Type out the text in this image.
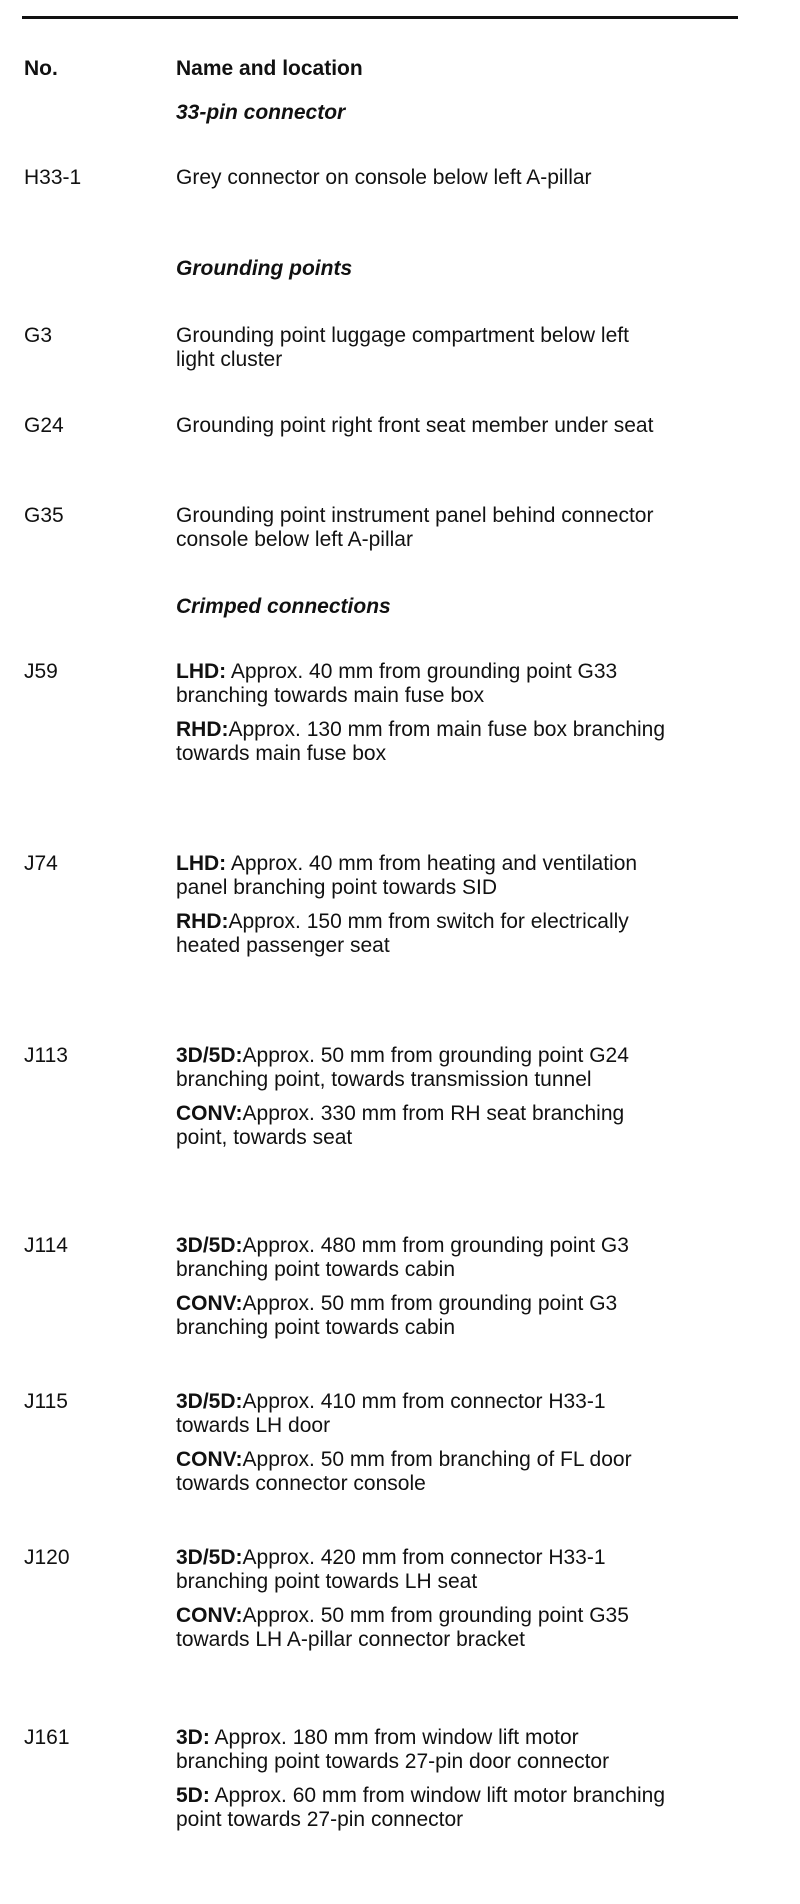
No.	Name and location
33-pin connector
H33-1	Grey connector on console below left A-pillar

Grounding points
G3	Grounding point luggage compartment below left light cluster

G24	Grounding point right front seat member under seat

G35	Grounding point instrument panel behind connector console below left A-pillar

Crimped connections
J59	LHD: Approx. 40 mm from grounding point G33 branching towards main fuse box

RHD:Approx. 130 mm from main fuse box branching towards main fuse box

J74	LHD: Approx. 40 mm from heating and ventilation panel branching point towards SID

RHD:Approx. 150 mm from switch for electrically heated passenger seat

J113	3D/5D:Approx. 50 mm from grounding point G24 branching point, towards transmission tunnel

CONV:Approx. 330 mm from RH seat branching point, towards seat

J114	3D/5D:Approx. 480 mm from grounding point G3 branching point towards cabin

CONV:Approx. 50 mm from grounding point G3 branching point towards cabin

J115	3D/5D:Approx. 410 mm from connector H33-1 towards LH door

CONV:Approx. 50 mm from branching of FL door towards connector console

J120	3D/5D:Approx. 420 mm from connector H33-1 branching point towards LH seat

CONV:Approx. 50 mm from grounding point G35 towards LH A-pillar connector bracket

J161	3D: Approx. 180 mm from window lift motor branching point towards 27-pin door connector

5D: Approx. 60 mm from window lift motor branching point towards 27-pin connector
